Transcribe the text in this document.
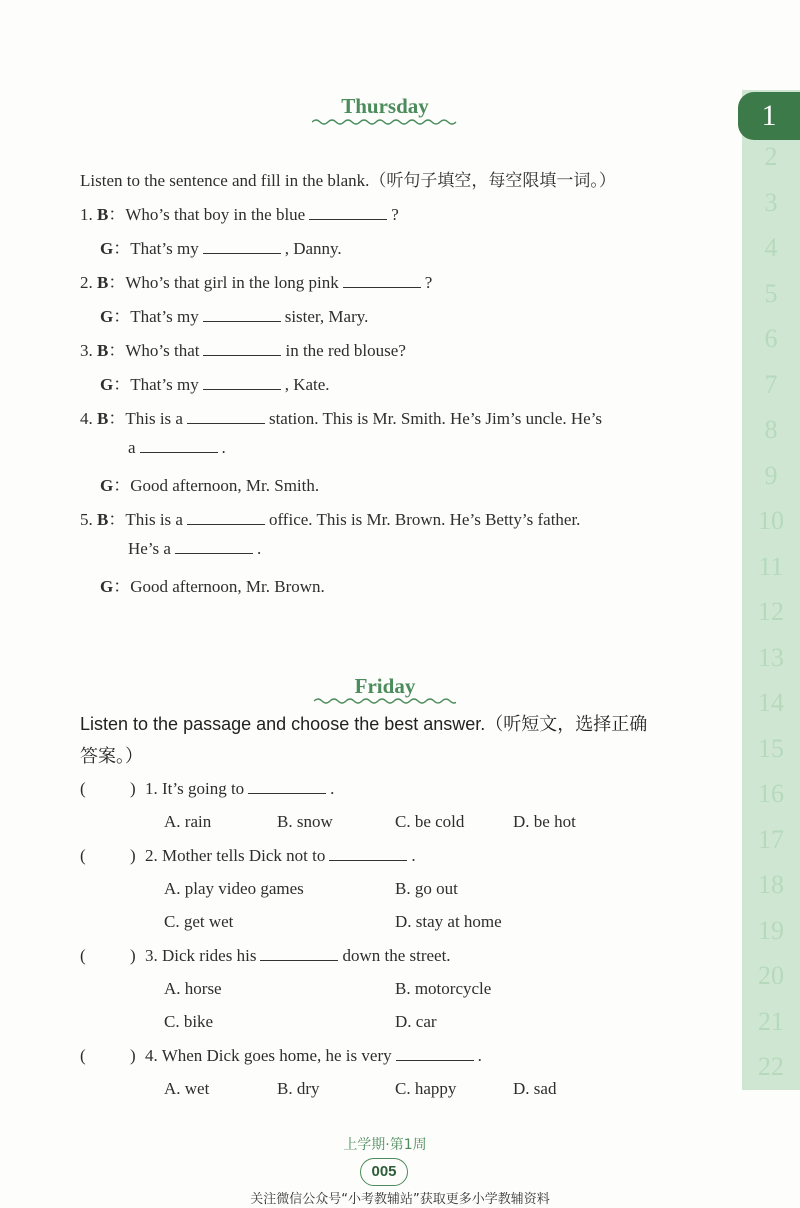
1
2
3
4
5
6
7
8
9
10
11
12
13
14
15
16
17
18
19
20
21
22
Thursday
Listen to the sentence and fill in the blank.（听句子填空，每空限填一词。）
1. B：Who’s that boy in the blue	?
G：That’s my	, Danny.
2. B：Who’s that girl in the long pink	?
G：That’s my	sister, Mary.
3. B：Who’s that	in the red blouse?
G：That’s my	, Kate.
4. B：This is a	station. This is Mr. Smith. He’s Jim’s uncle. He’s
a	.
G：Good afternoon, Mr. Smith.
5. B：This is a	office. This is Mr. Brown. He’s Betty’s father.
He’s a	.
G：Good afternoon, Mr. Brown.
Friday
Listen to the passage and choose the best answer.（听短文，选择正确
答案。）
(	) 1. It’s going to	.
A. rain	B. snow	C. be cold	D. be hot
(	) 2. Mother tells Dick not to	.
A. play video games	B. go out
C. get wet	D. stay at home
(	) 3. Dick rides his	down the street.
A. horse	B. motorcycle
C. bike	D. car
(	) 4. When Dick goes home, he is very	.
A. wet	B. dry	C. happy	D. sad
上学期·第1周
005
关注微信公众号“小考教辅站”获取更多小学教辅资料
